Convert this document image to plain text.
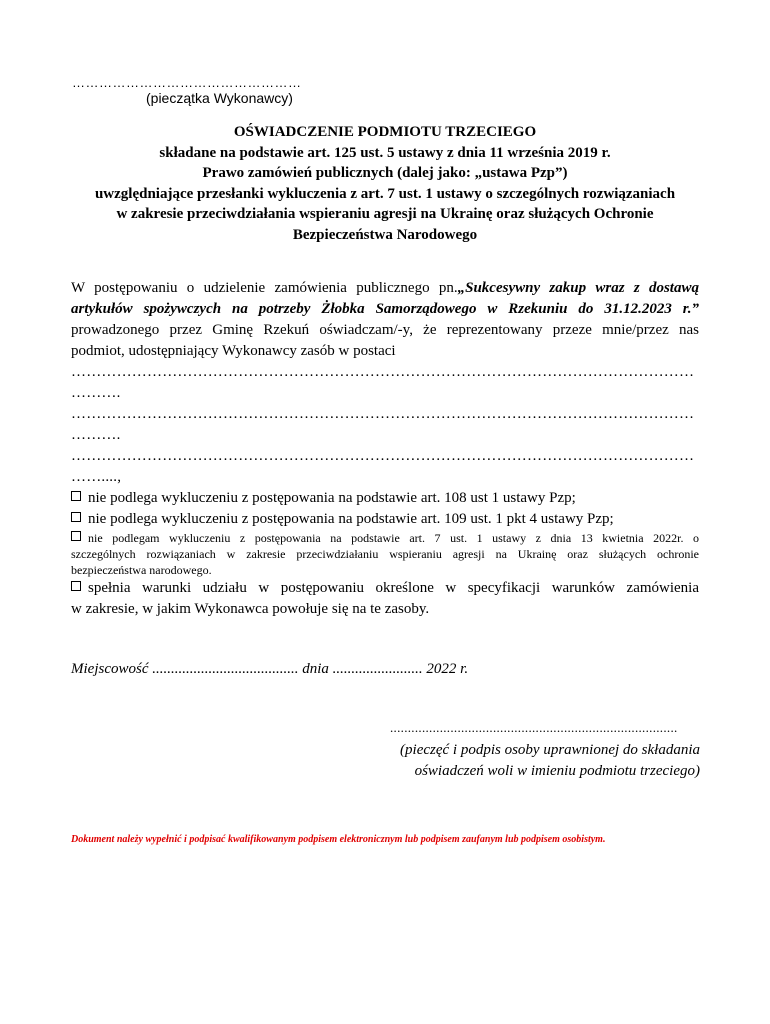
……………………………………………
(pieczątka Wykonawcy)
OŚWIADCZENIE PODMIOTU TRZECIEGO
składane na podstawie art. 125 ust. 5 ustawy z dnia 11 września 2019 r.
Prawo zamówień publicznych (dalej jako: „ustawa Pzp”)
uwzględniające przesłanki wykluczenia z art. 7 ust. 1 ustawy o szczególnych rozwiązaniach
w zakresie przeciwdziałania wspieraniu agresji na Ukrainę oraz służących Ochronie
Bezpieczeństwa Narodowego
W postępowaniu o udzielenie zamówienia publicznego pn.„Sukcesywny zakup wraz z dostawą
artykułów spożywczych na potrzeby Żłobka Samorządowego w Rzekuniu do 31.12.2023 r.”
prowadzonego przez Gminę Rzekuń oświadczam/-y, że reprezentowany przeze mnie/przez nas
podmiot, udostępniający Wykonawcy zasób w postaci
……………………………………………………………………………………………………………
……….
……………………………………………………………………………………………………………
……….
……………………………………………………………………………………………………………
……....,
nie podlega wykluczeniu z postępowania na podstawie art. 108 ust 1 ustawy Pzp;
nie podlega wykluczeniu z postępowania na podstawie art. 109 ust. 1 pkt 4 ustawy Pzp;
nie podlegam wykluczeniu z postępowania na podstawie art. 7 ust. 1 ustawy z dnia 13 kwietnia 2022r. o
szczególnych rozwiązaniach w zakresie przeciwdziałaniu wspieraniu agresji na Ukrainę oraz służących ochronie
bezpieczeństwa narodowego.
spełnia warunki udziału w postępowaniu określone w specyfikacji warunków zamówienia
w zakresie, w jakim Wykonawca powołuje się na te zasoby.
Miejscowość ....................................... dnia ........................ 2022 r.
.................................................................................
(pieczęć i podpis osoby uprawnionej do składania
oświadczeń woli w imieniu podmiotu trzeciego)
Dokument należy wypełnić i podpisać kwalifikowanym podpisem elektronicznym lub podpisem zaufanym lub podpisem osobistym.
